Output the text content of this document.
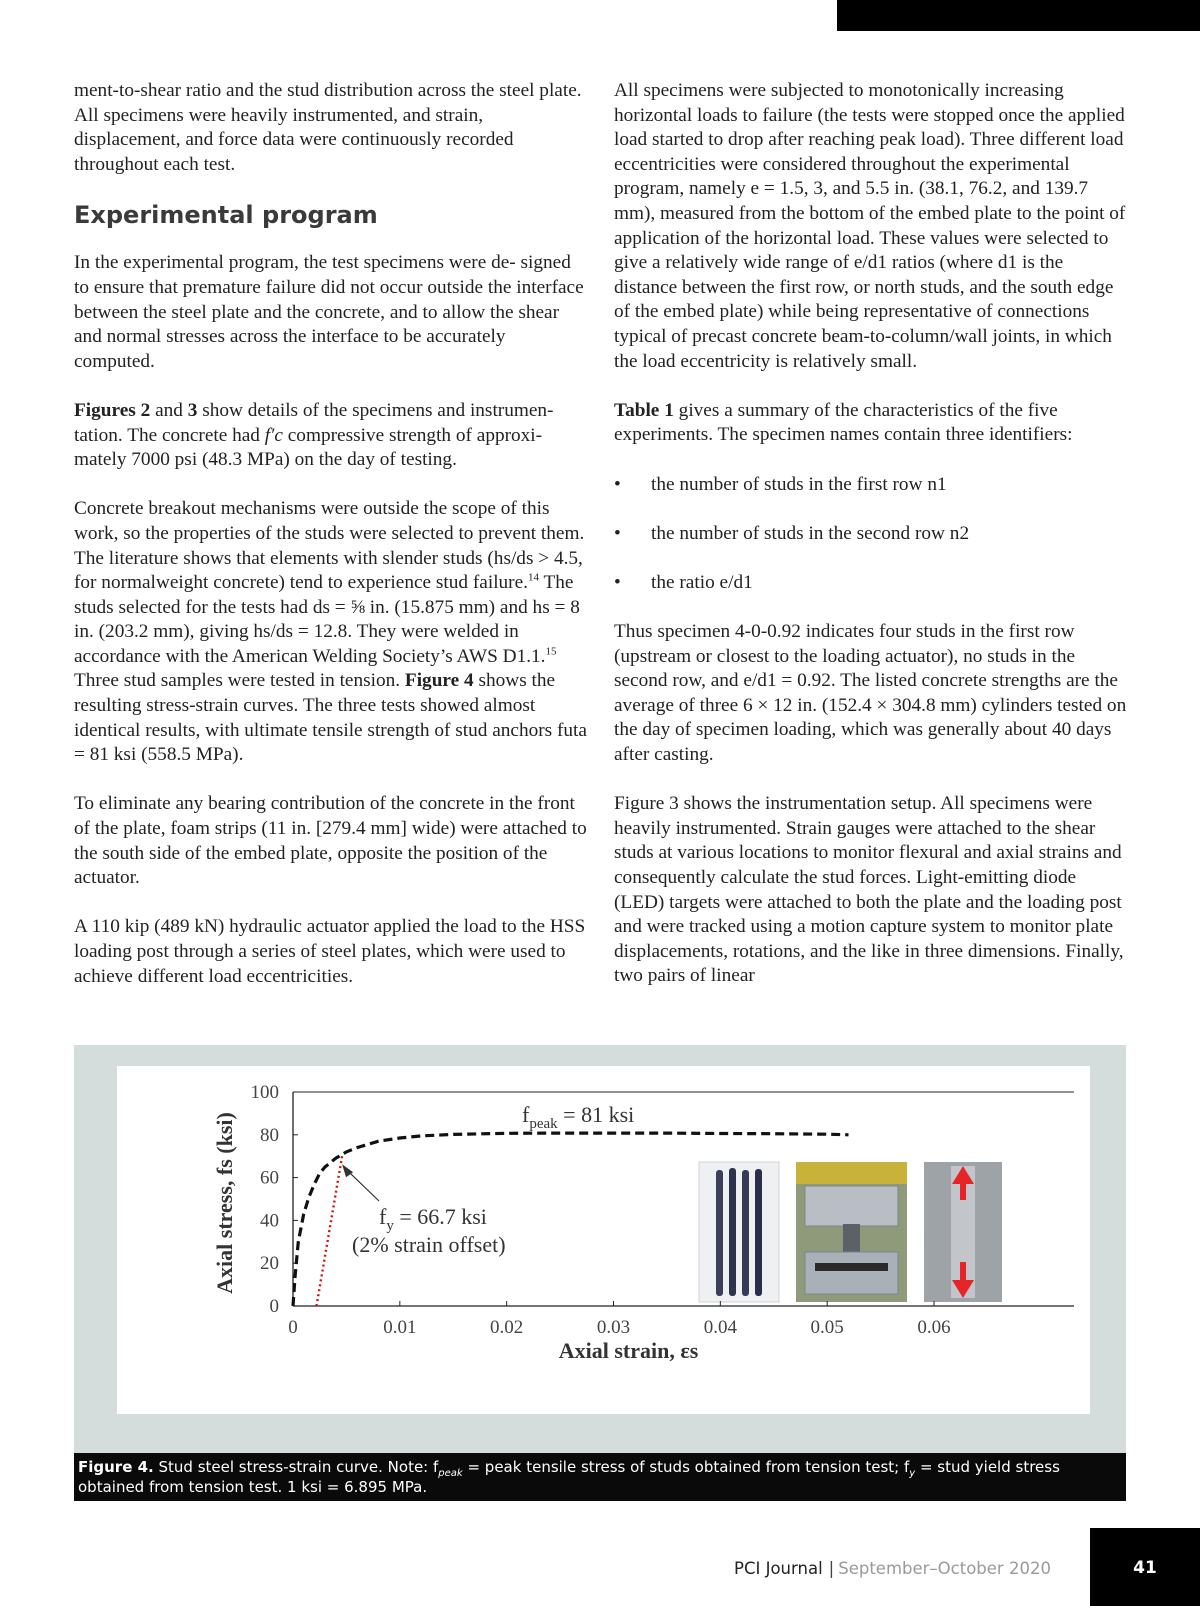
ment-to-shear ratio and the stud distribution across the steel plate. All specimens were heavily instrumented, and strain, displacement, and force data were continuously recorded throughout each test.

Experimental program

In the experimental program, the test specimens were de- signed to ensure that premature failure did not occur outside the interface between the steel plate and the concrete, and to allow the shear and normal stresses across the interface to be accurately computed.

Figures 2 and 3 show details of the specimens and instrumen- tation. The concrete had f′c compressive strength of approxi- mately 7000 psi (48.3 MPa) on the day of testing.

Concrete breakout mechanisms were outside the scope of this work, so the properties of the studs were selected to prevent them. The literature shows that elements with slender studs (hs/ds > 4.5, for normalweight concrete) tend to experience stud failure.$^{14}$ The studs selected for the tests had ds = ⅝ in. (15.875 mm) and hs = 8 in. (203.2 mm), giving hs/ds = 12.8. They were welded in accordance with the American Welding Society’s AWS D1.1.15 Three stud samples were tested in tension. Figure 4 shows the resulting stress-strain curves. The three tests showed almost identical results, with ultimate tensile strength of stud anchors futa = 81 ksi (558.5 MPa).

To eliminate any bearing contribution of the concrete in the front of the plate, foam strips (11 in. [279.4 mm] wide) were attached to the south side of the embed plate, opposite the position of the actuator.

A 110 kip (489 kN) hydraulic actuator applied the load to the HSS loading post through a series of steel plates, which were used to achieve different load eccentricities.

All specimens were subjected to monotonically increasing horizontal loads to failure (the tests were stopped once the applied load started to drop after reaching peak load). Three different load eccentricities were considered throughout the experimental program, namely e = 1.5, 3, and 5.5 in. (38.1, 76.2, and 139.7 mm), measured from the bottom of the embed plate to the point of application of the horizontal load. These values were selected to give a relatively wide range of e/d1 ratios (where d1 is the distance between the first row, or north studs, and the south edge of the embed plate) while being representative of connections typical of precast concrete beam-to-column/wall joints, in which the load eccentricity is relatively small.

Table 1 gives a summary of the characteristics of the five experiments. The specimen names contain three identifiers:

• the number of studs in the first row n1
• the number of studs in the second row n2
• the ratio e/d1

Thus specimen 4-0-0.92 indicates four studs in the first row (upstream or closest to the loading actuator), no studs in the second row, and e/d1 = 0.92. The listed concrete strengths are the average of three 6 × 12 in. (152.4 × 304.8 mm) cylinders tested on the day of specimen loading, which was generally about 40 days after casting.

Figure 3 shows the instrumentation setup. All specimens were heavily instrumented. Strain gauges were attached to the shear studs at various locations to monitor flexural and axial strains and consequently calculate the stud forces. Light-emitting diode (LED) targets were attached to both the plate and the loading post and were tracked using a motion capture system to monitor plate displacements, rotations, and the like in three dimensions. Finally, two pairs of linear

0
20
40
60
80
100
0	0.01	0.02	0.03	0.04	0.05	0.06
Axial strain, εs
Axial stress, fs (ksi)	$f_{peak} = 81$ ksi
$f_y = 66.7$ ksi
(2% strain offset)
Figure 4. Stud steel stress-strain curve. Note: $f_{peak}$ = peak tensile stress of studs obtained from tension test; $f_y$ = stud yield stress obtained from tension test. 1 ksi = 6.895 MPa.
PCI Journal | September–October 2020	41
